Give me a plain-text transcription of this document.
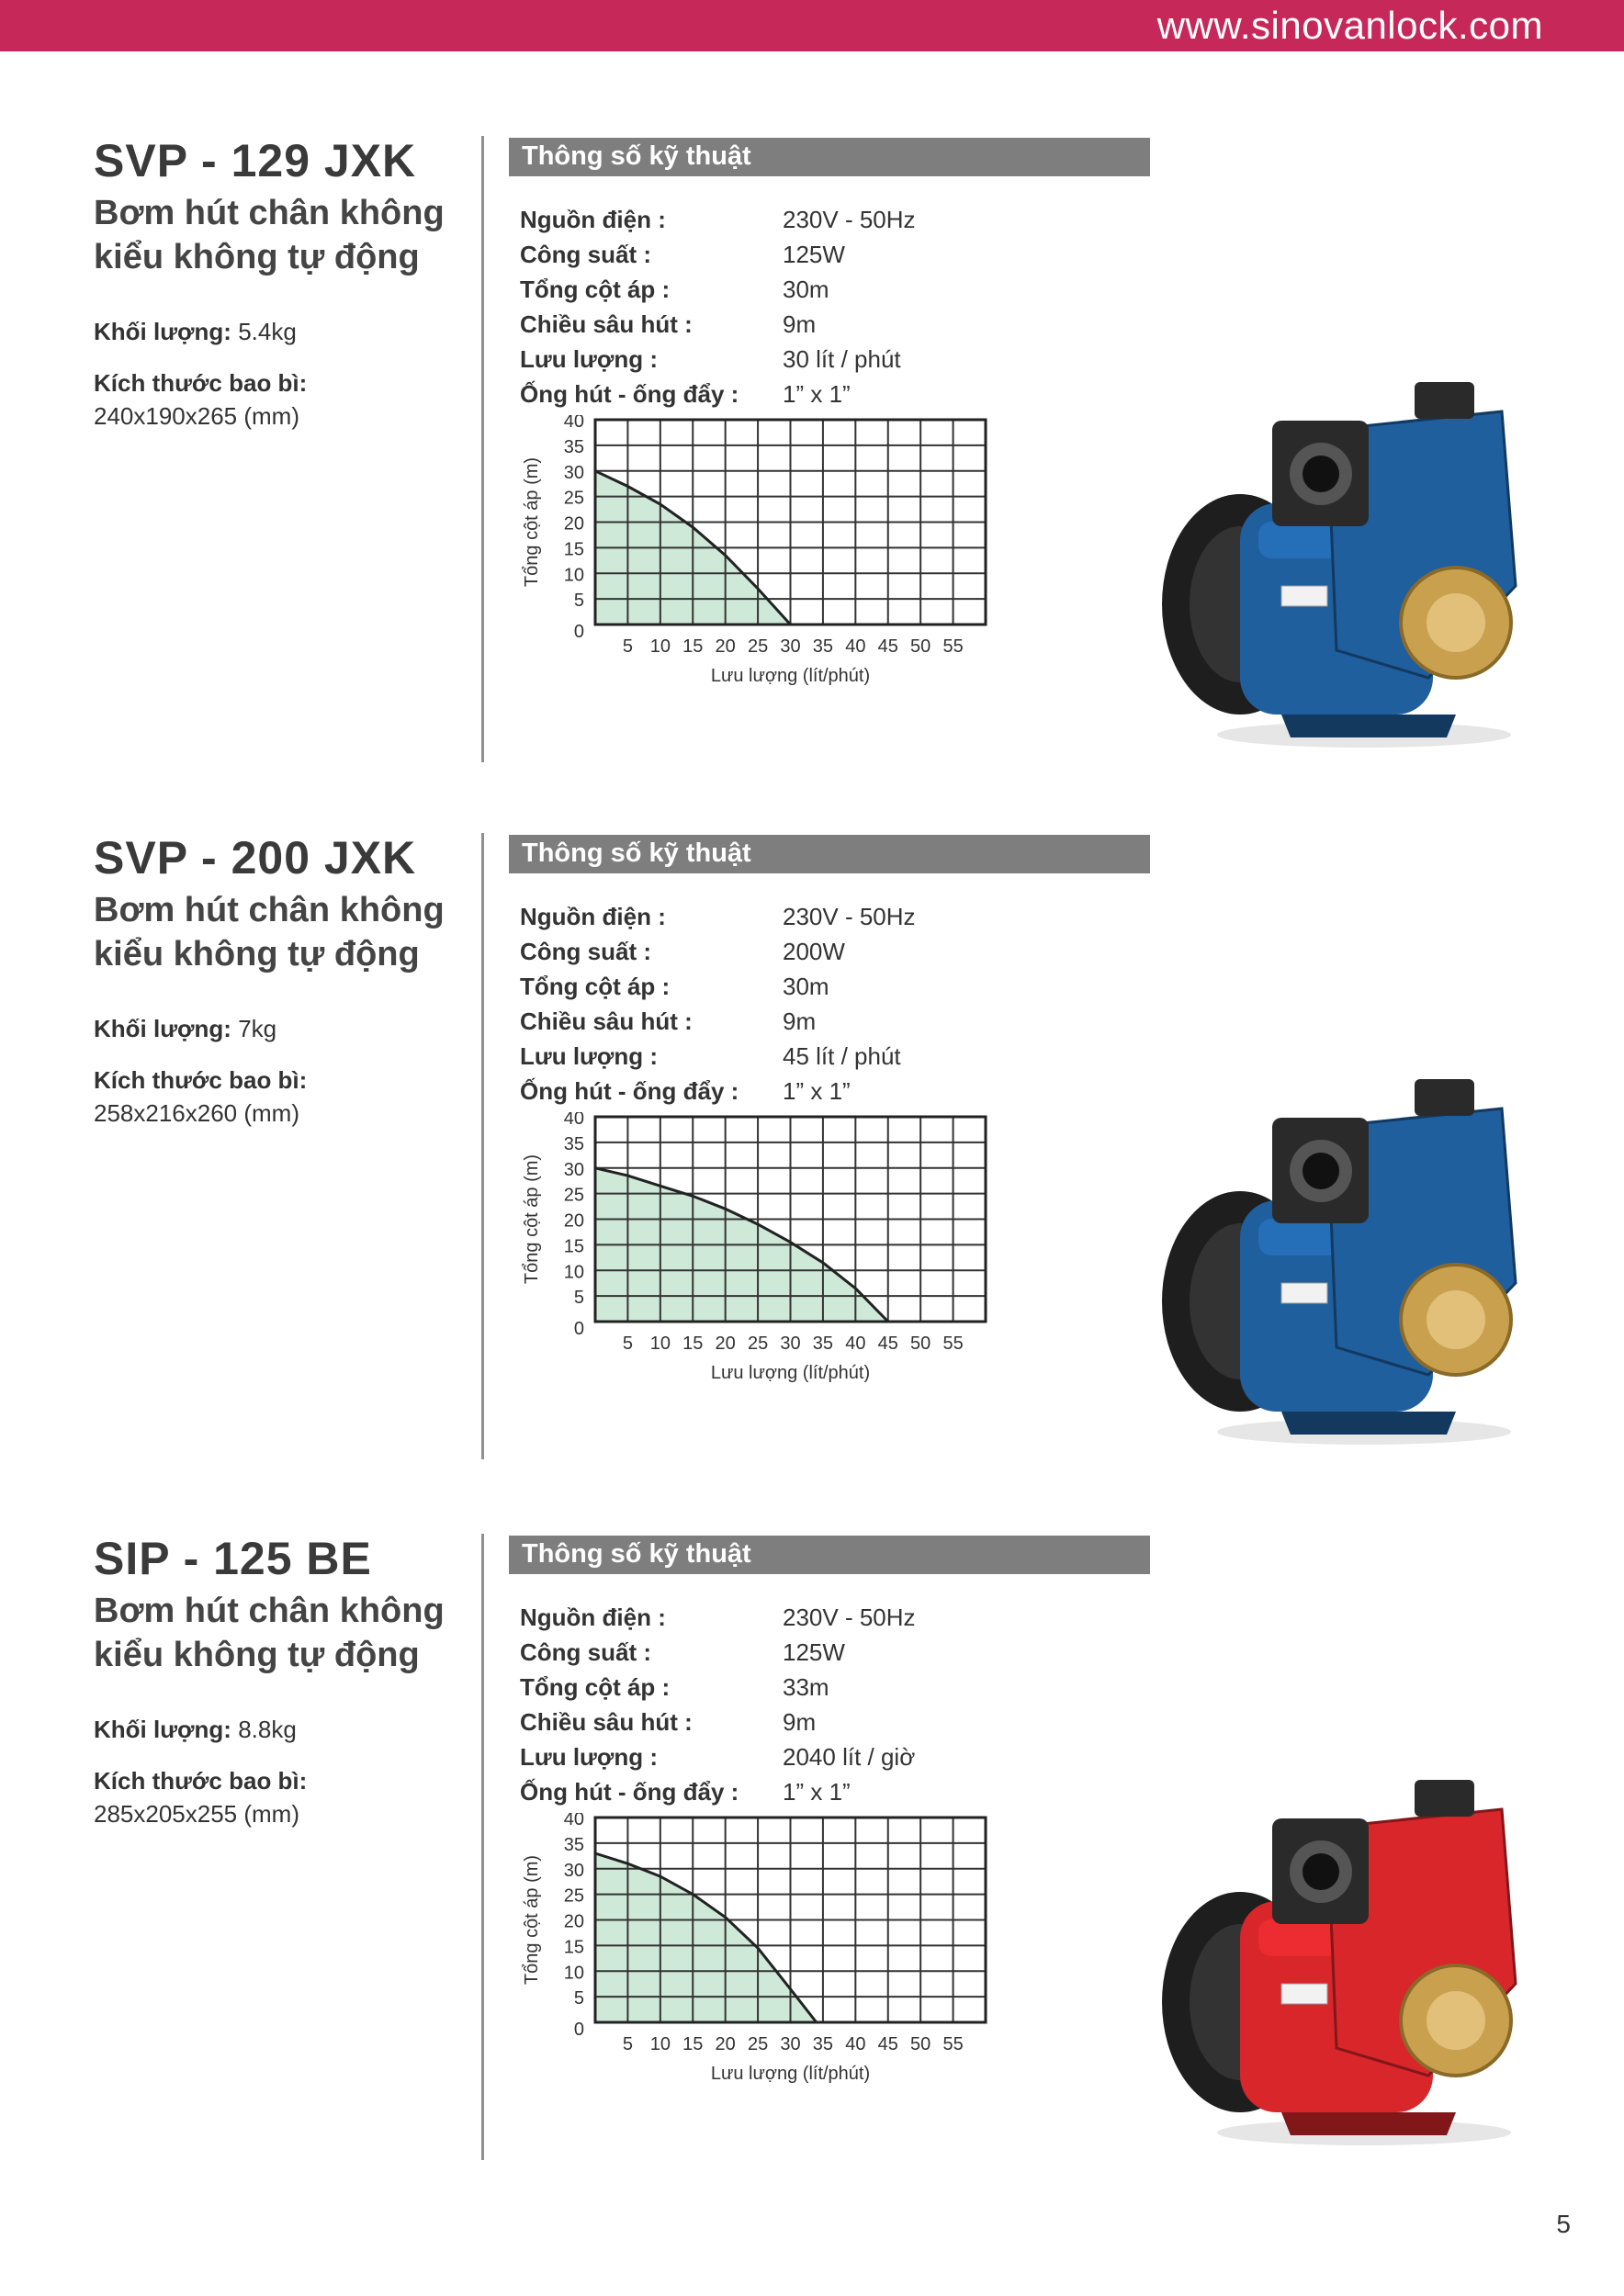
www.sinovanlock.com
SVP - 129 JXK
Bơm hút chân không
kiểu không tự động
Khối lượng: 5.4kg
Kích thước bao bì:
240x190x265 (mm)
Thông số kỹ thuật
Nguồn điện :	230V - 50Hz
Công suất :	125W
Tổng cột áp :	30m
Chiều sâu hút :	9m
Lưu lượng :	30 lít / phút
Ống hút - ống đẩy : 1” x 1”
0
5
10
15
20
25
30
35
40
5 10 15 20 25 30 35 40 45 50 55
Lưu lượng (lít/phút)
Tổng cột áp (m)
SVP - 200 JXK
Bơm hút chân không
kiểu không tự động
Khối lượng: 7kg
Kích thước bao bì:
258x216x260 (mm)
Thông số kỹ thuật
Nguồn điện :	230V - 50Hz
Công suất :	200W
Tổng cột áp :	30m
Chiều sâu hút :	9m
Lưu lượng :	45 lít / phút
Ống hút - ống đẩy : 1” x 1”
0
5
10
15
20
25
30
35
40
5 10 15 20 25 30 35 40 45 50 55
Lưu lượng (lít/phút)
Tổng cột áp (m)
SIP - 125 BE
Bơm hút chân không
kiểu không tự động
Khối lượng: 8.8kg
Kích thước bao bì:
285x205x255 (mm)
Thông số kỹ thuật
Nguồn điện :	230V - 50Hz
Công suất :	125W
Tổng cột áp :	33m
Chiều sâu hút :	9m
Lưu lượng :	2040 lít / giờ
Ống hút - ống đẩy : 1” x 1”
0
5
10
15
20
25
30
35
40
5 10 15 20 25 30 35 40 45 50 55
Lưu lượng (lít/phút)
Tổng cột áp (m)
5
